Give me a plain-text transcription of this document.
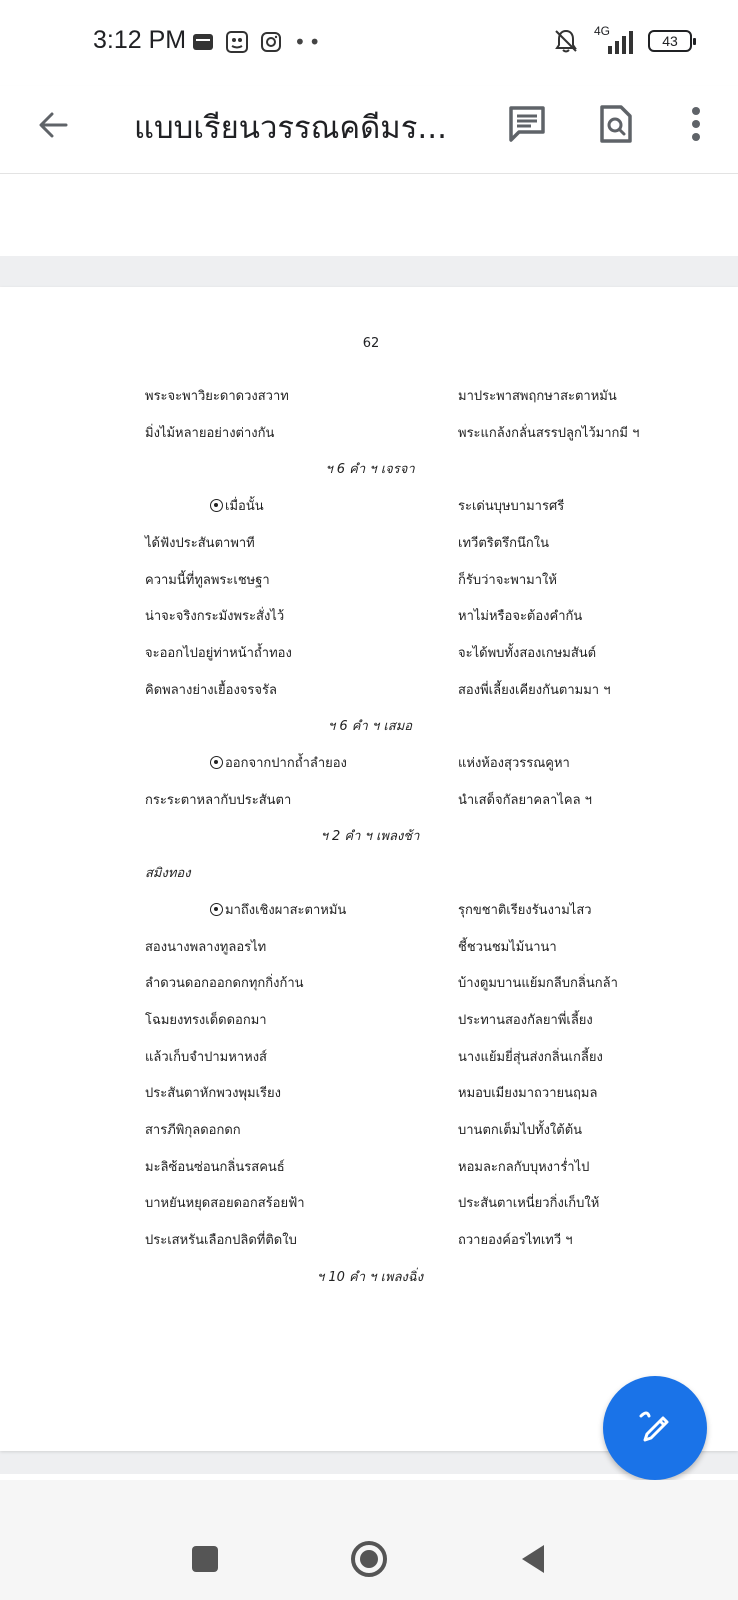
3:12 PM	••	4G
43
แบบเรียนวรรณคดีมร...
62
พระจะพาวิยะดาดวงสวาท	มาประพาสพฤกษาสะตาหมัน
มิ่งไม้หลายอย่างต่างกัน	พระแกล้งกลั่นสรรปลูกไว้มากมี ฯ
ฯ 6 คำ ฯ เจรจา
เมื่อนั้น	ระเด่นบุษบามารศรี
ได้ฟังประสันตาพาที	เทวีตริตรึกนึกใน
ความนี้ที่ทูลพระเชษฐา	ก็รับว่าจะพามาให้
น่าจะจริงกระมังพระสั่งไว้	หาไม่หรือจะต้องคำกัน
จะออกไปอยู่ท่าหน้าถ้ำทอง	จะได้พบทั้งสองเกษมสันต์
คิดพลางย่างเยื้องจรจรัล	สองพี่เลี้ยงเคียงกันตามมา ฯ
ฯ 6 คำ ฯ เสมอ
ออกจากปากถ้ำลำยอง	แห่งห้องสุวรรณคูหา
กระระตาหลากับประสันตา	นำเสด็จกัลยาคลาไคล ฯ
ฯ 2 คำ ฯ เพลงช้า
สมิงทอง
มาถึงเชิงผาสะตาหมัน	รุกขชาติเรียงรันงามไสว
สองนางพลางทูลอรไท	ชี้ชวนชมไม้นานา
ลำดวนดอกออกดกทุกกิ่งก้าน	บ้างตูมบานแย้มกลีบกลิ่นกล้า
โฉมยงทรงเด็ดดอกมา	ประทานสองกัลยาพี่เลี้ยง
แล้วเก็บจำปามหาหงส์	นางแย้มยี่สุ่นส่งกลิ่นเกลี้ยง
ประสันตาหักพวงพุมเรียง	หมอบเมียงมาถวายนฤมล
สารภีพิกุลดอกดก	บานตกเต็มไปทั้งใต้ต้น
มะลิซ้อนซ่อนกลิ่นรสคนธ์	หอมละกลกับบุหงาร่ำไป
บาหยันหยุดสอยดอกสร้อยฟ้า	ประสันตาเหนี่ยวกิ่งเก็บให้
ประเสหรันเลือกปลิดที่ติดใบ	ถวายองค์อรไทเทวี ฯ
ฯ 10 คำ ฯ เพลงฉิ่ง
